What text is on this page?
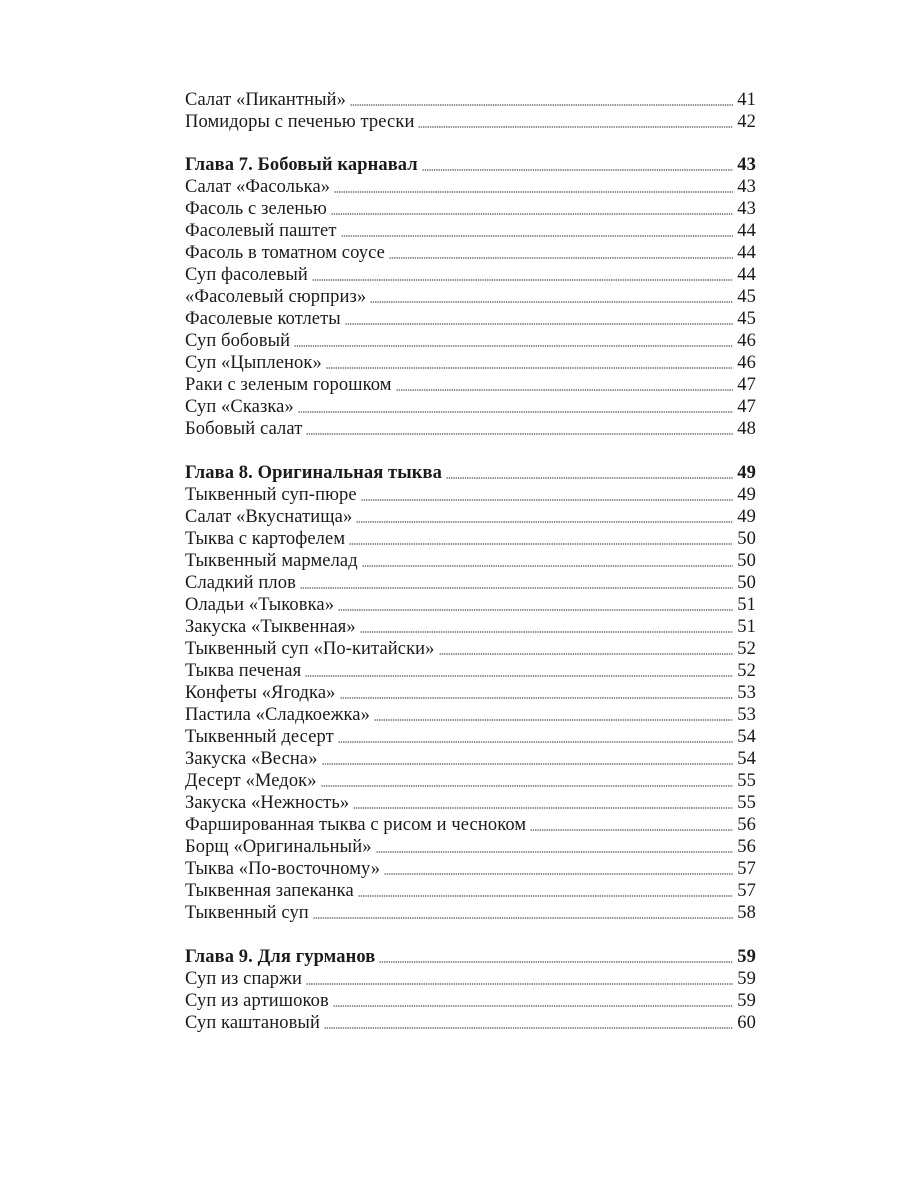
Салат «Пикантный»	41
Помидоры с печенью трески	42
Глава 7. Бобовый карнавал	43
Салат «Фасолька»	43
Фасоль с зеленью	43
Фасолевый паштет	44
Фасоль в томатном соусе	44
Суп фасолевый	44
«Фасолевый сюрприз»	45
Фасолевые котлеты	45
Суп бобовый	46
Суп «Цыпленок»	46
Раки с зеленым горошком	47
Суп «Сказка»	47
Бобовый салат	48
Глава 8. Оригинальная тыква	49
Тыквенный суп-пюре	49
Салат «Вкуснатища»	49
Тыква с картофелем	50
Тыквенный мармелад	50
Сладкий плов	50
Оладьи «Тыковка»	51
Закуска «Тыквенная»	51
Тыквенный суп «По-китайски»	52
Тыква печеная	52
Конфеты «Ягодка»	53
Пастила «Сладкоежка»	53
Тыквенный десерт	54
Закуска «Весна»	54
Десерт «Медок»	55
Закуска «Нежность»	55
Фаршированная тыква с рисом и чесноком	56
Борщ «Оригинальный»	56
Тыква «По-восточному»	57
Тыквенная запеканка	57
Тыквенный суп	58
Глава 9. Для гурманов	59
Суп из спаржи	59
Суп из артишоков	59
Суп каштановый	60
